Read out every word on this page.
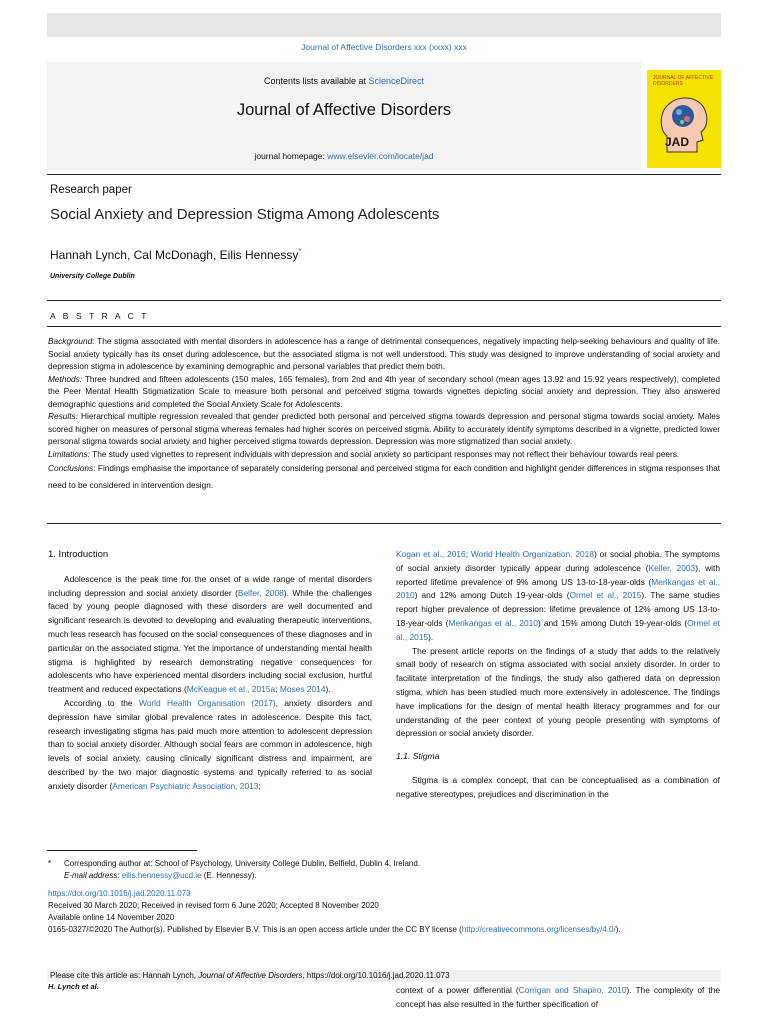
Journal of Affective Disorders xxx (xxxx) xxx
Contents lists available at ScienceDirect
Journal of Affective Disorders
journal homepage: www.elsevier.com/locate/jad
JOURNAL OF AFFECTIVE DISORDERS
JAD
Research paper
Social Anxiety and Depression Stigma Among Adolescents
Hannah Lynch, Cal McDonagh, Eilis Hennessy*
University College Dublin
A B S T R A C T
Background: The stigma associated with mental disorders in adolescence has a range of detrimental consequences, negatively impacting help-seeking behaviours and quality of life. Social anxiety typically has its onset during adolescence, but the associated stigma is not well understood. This study was designed to improve understanding of social anxiety and depression stigma in adolescence by examining demographic and personal variables that predict them both.
Methods: Three hundred and fifteen adolescents (150 males, 165 females), from 2nd and 4th year of secondary school (mean ages 13.92 and 15.92 years respectively), completed the Peer Mental Health Stigmatization Scale to measure both personal and perceived stigma towards vignettes depicting social anxiety and depression. They also answered demographic questions and completed the Social Anxiety Scale for Adolescents.
Results: Hierarchical multiple regression revealed that gender predicted both personal and perceived stigma towards depression and personal stigma towards social anxiety. Males scored higher on measures of personal stigma whereas females had higher scores on perceived stigma. Ability to accurately identify symptoms described in a vignette, predicted lower personal stigma towards social anxiety and higher perceived stigma towards depression. Depression was more stigmatized than social anxiety.
Limitations: The study used vignettes to represent individuals with depression and social anxiety so participant responses may not reflect their behaviour towards real peers.
Conclusions: Findings emphasise the importance of separately considering personal and perceived stigma for each condition and highlight gender differences in stigma responses that need to be considered in intervention design.

1. Introduction

Adolescence is the peak time for the onset of a wide range of mental disorders including depression and social anxiety disorder (Belfer, 2008). While the challenges faced by young people diagnosed with these disorders are well documented and significant research is devoted to developing and evaluating therapeutic interventions, much less research has focused on the social consequences of these diagnoses and in particular on the associated stigma. Yet the importance of understanding mental health stigma is highlighted by research demonstrating negative consequences for adolescents who have experienced mental disorders including social exclusion, hurtful treatment and reduced expectations (McKeague et al., 2015a; Moses 2014).

According to the World Health Organisation (2017), anxiety disorders and depression have similar global prevalence rates in adolescence. Despite this fact, research investigating stigma has paid much more attention to adolescent depression than to social anxiety disorder. Although social fears are common in adolescence, high levels of social anxiety, causing clinically significant distress and impairment, are described by the two major diagnostic systems and typically referred to as social anxiety disorder (American Psychiatric Association, 2013;

Kogan et al., 2016; World Health Organization, 2018) or social phobia. The symptoms of social anxiety disorder typically appear during adolescence (Keller, 2003), with reported lifetime prevalence of 9% among US 13-to-18-year-olds (Merikangas et al., 2010) and 12% among Dutch 19-year-olds (Ormel et al., 2015). The same studies report higher prevalence of depression: lifetime prevalence of 12% among US 13-to-18-year-olds (Merikangas et al., 2010) and 15% among Dutch 19-year-olds (Ormel et al., 2015).

The present article reports on the findings of a study that adds to the relatively small body of research on stigma associated with social anxiety disorder. In order to facilitate interpretation of the findings, the study also gathered data on depression stigma, which has been studied much more extensively in adolescence. The findings have implications for the design of mental health literacy programmes and for our understanding of the peer context of young people presenting with symptoms of depression or social anxiety disorder.

1.1. Stigma

Stigma is a complex concept, that can be conceptualised as a combination of negative stereotypes, prejudices and discrimination in the

* Corresponding author at: School of Psychology, University College Dublin, Belfield, Dublin 4, Ireland.

E-mail address: eilis.hennessy@ucd.ie (E. Hennessy).

https://doi.org/10.1016/j.jad.2020.11.073

Received 30 March 2020; Received in revised form 6 June 2020; Accepted 8 November 2020

Available online 14 November 2020

0165-0327/©2020 The Author(s). Published by Elsevier B.V. This is an open access article under the CC BY license (http://creativecommons.org/licenses/by/4.0/).

Please cite this article as: Hannah Lynch, Journal of Affective Disorders, https://doi.org/10.1016/j.jad.2020.11.073
H. Lynch et al.	context of a power differential (Corrigan and Shapiro, 2010). The complexity of the concept has also resulted in the further specification of
